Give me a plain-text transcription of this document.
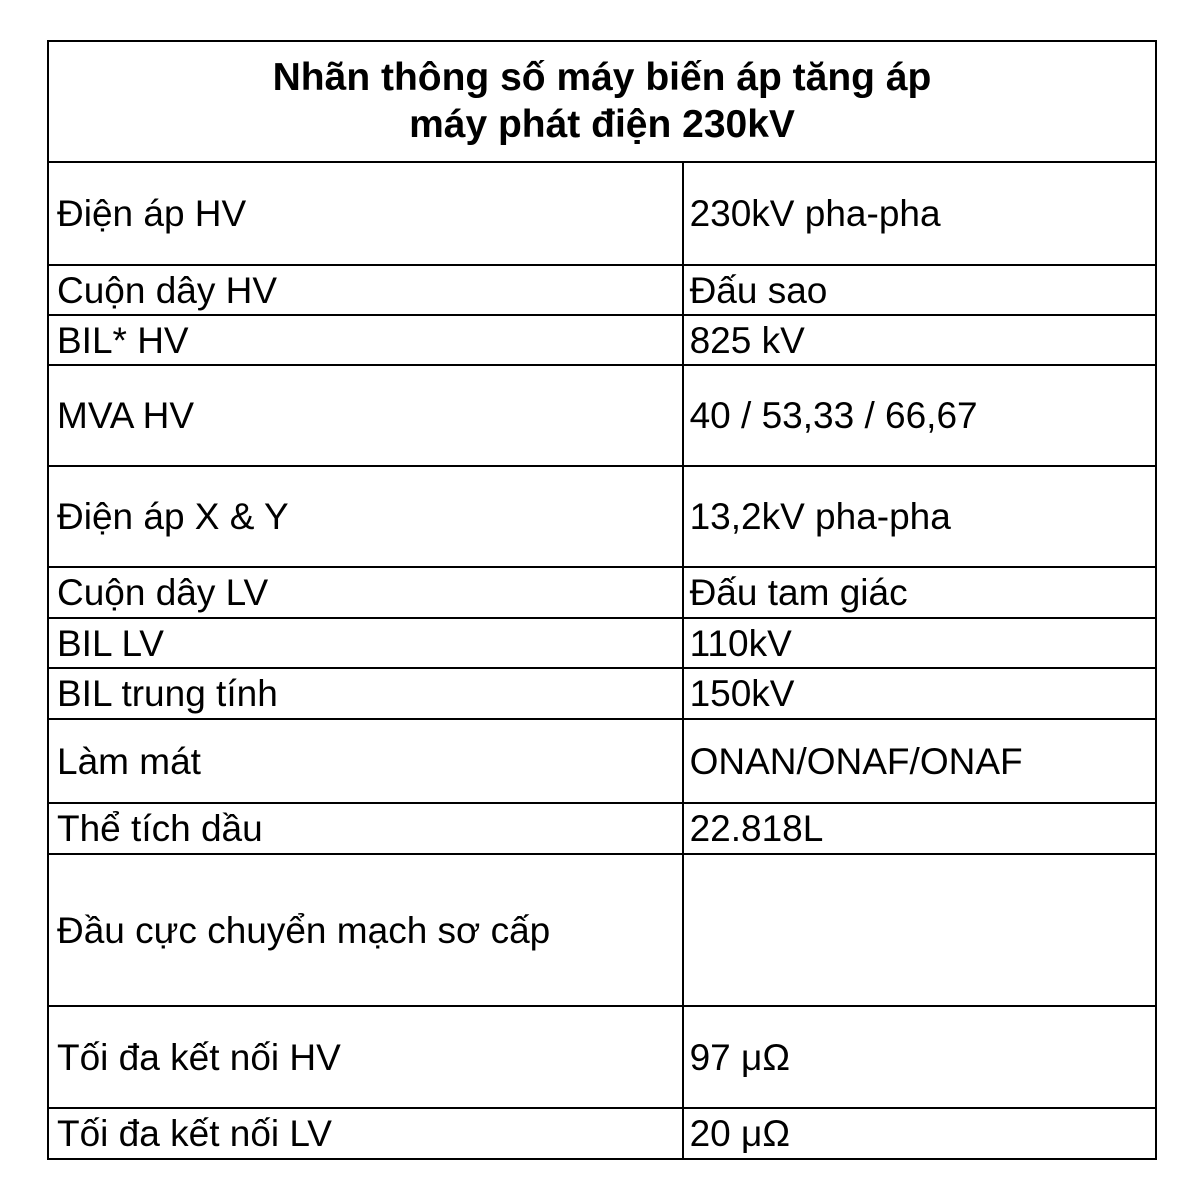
Nhãn thông số máy biến áp tăng áp
máy phát điện 230kV	

Điện áp HV	230kV pha-pha
Cuộn dây HV	Đấu sao
BIL* HV	825 kV
MVA HV	40 / 53,33 / 66,67
Điện áp X & Y	13,2kV pha-pha
Cuộn dây LV	Đấu tam giác
BIL LV	110kV
BIL trung tính	150kV
Làm mát	ONAN/ONAF/ONAF
Thể tích dầu	22.818L
Đầu cực chuyển mạch sơ cấp	
Tối đa kết nối HV	97 μΩ
Tối đa kết nối LV	20 μΩ
